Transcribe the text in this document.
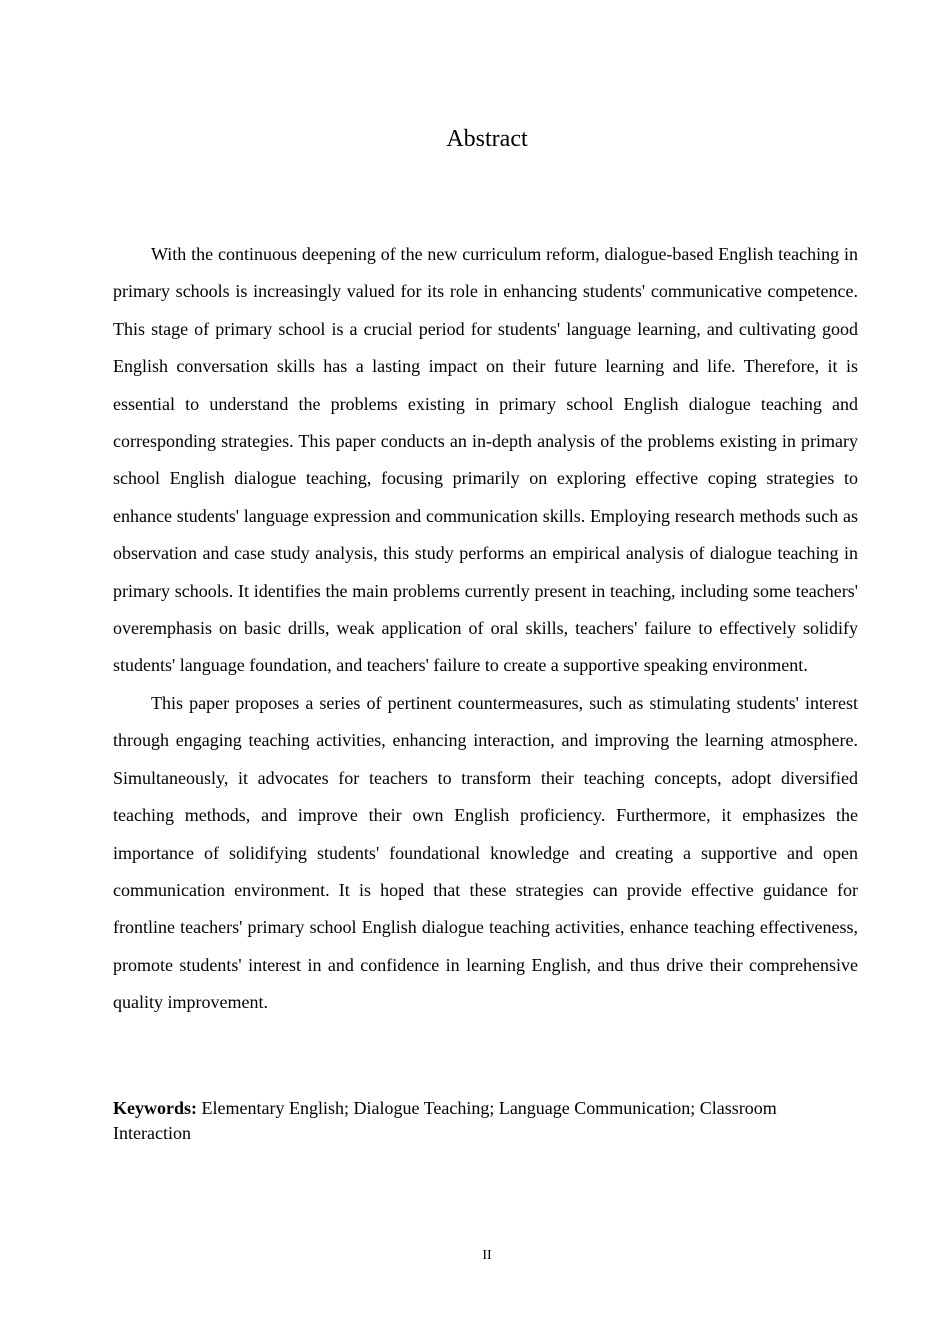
Abstract

With the continuous deepening of the new curriculum reform, dialogue-based English teaching in primary schools is increasingly valued for its role in enhancing students' communicative competence. This stage of primary school is a crucial period for students' language learning, and cultivating good English conversation skills has a lasting impact on their future learning and life. Therefore, it is essential to understand the problems existing in primary school English dialogue teaching and corresponding strategies. This paper conducts an in-depth analysis of the problems existing in primary school English dialogue teaching, focusing primarily on exploring effective coping strategies to enhance students' language expression and communication skills. Employing research methods such as observation and case study analysis, this study performs an empirical analysis of dialogue teaching in primary schools. It identifies the main problems currently present in teaching, including some teachers' overemphasis on basic drills, weak application of oral skills, teachers' failure to effectively solidify students' language foundation, and teachers' failure to create a supportive speaking environment.

This paper proposes a series of pertinent countermeasures, such as stimulating students' interest through engaging teaching activities, enhancing interaction, and improving the learning atmosphere. Simultaneously, it advocates for teachers to transform their teaching concepts, adopt diversified teaching methods, and improve their own English proficiency. Furthermore, it emphasizes the importance of solidifying students' foundational knowledge and creating a supportive and open communication environment. It is hoped that these strategies can provide effective guidance for frontline teachers' primary school English dialogue teaching activities, enhance teaching effectiveness, promote students' interest in and confidence in learning English, and thus drive their comprehensive quality improvement.

Keywords: Elementary English; Dialogue Teaching; Language Communication; Classroom Interaction

II
